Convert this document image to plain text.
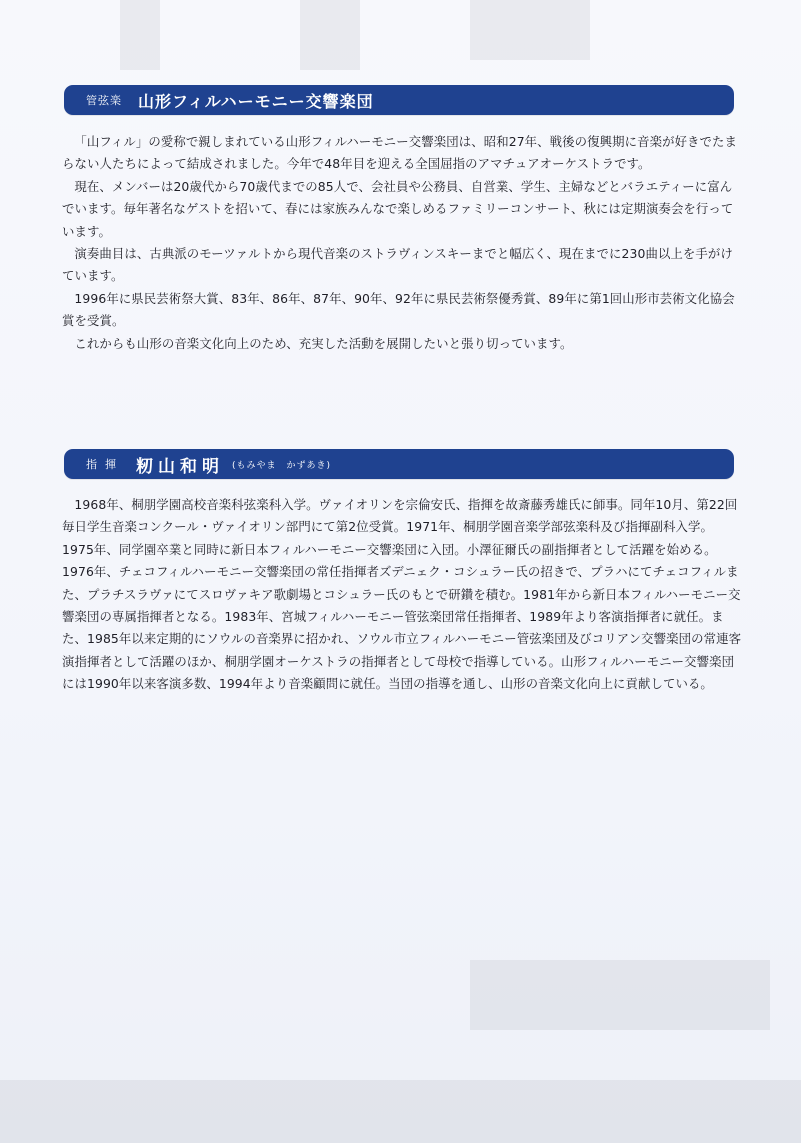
管弦楽 山形フィルハーモニー交響楽団

「山フィル」の愛称で親しまれている山形フィルハーモニー交響楽団は、昭和27年、戦後の復興期に音楽が好きでたまらない人たちによって結成されました。今年で48年目を迎える全国屈指のアマチュアオーケストラです。

現在、メンバーは20歳代から70歳代までの85人で、会社員や公務員、自営業、学生、主婦などとバラエティーに富んでいます。毎年著名なゲストを招いて、春には家族みんなで楽しめるファミリーコンサート、秋には定期演奏会を行っています。

演奏曲目は、古典派のモーツァルトから現代音楽のストラヴィンスキーまでと幅広く、現在までに230曲以上を手がけています。

1996年に県民芸術祭大賞、83年、86年、87年、90年、92年に県民芸術祭優秀賞、89年に第1回山形市芸術文化協会賞を受賞。

これからも山形の音楽文化向上のため、充実した活動を展開したいと張り切っています。

指揮 籾山和明 (もみやま　かずあき)

1968年、桐朋学園高校音楽科弦楽科入学。ヴァイオリンを宗倫安氏、指揮を故斎藤秀雄氏に師事。同年10月、第22回毎日学生音楽コンクール・ヴァイオリン部門にて第2位受賞。1971年、桐朋学園音楽学部弦楽科及び指揮副科入学。1975年、同学園卒業と同時に新日本フィルハーモニー交響楽団に入団。小澤征爾氏の副指揮者として活躍を始める。1976年、チェコフィルハーモニー交響楽団の常任指揮者ズデニェク・コシュラー氏の招きで、プラハにてチェコフィルまた、プラチスラヴァにてスロヴァキア歌劇場とコシュラー氏のもとで研鑽を積む。1981年から新日本フィルハーモニー交響楽団の専属指揮者となる。1983年、宮城フィルハーモニー管弦楽団常任指揮者、1989年より客演指揮者に就任。また、1985年以来定期的にソウルの音楽界に招かれ、ソウル市立フィルハーモニー管弦楽団及びコリアン交響楽団の常連客演指揮者として活躍のほか、桐朋学園オーケストラの指揮者として母校で指導している。山形フィルハーモニー交響楽団には1990年以来客演多数、1994年より音楽顧問に就任。当団の指導を通し、山形の音楽文化向上に貢献している。
